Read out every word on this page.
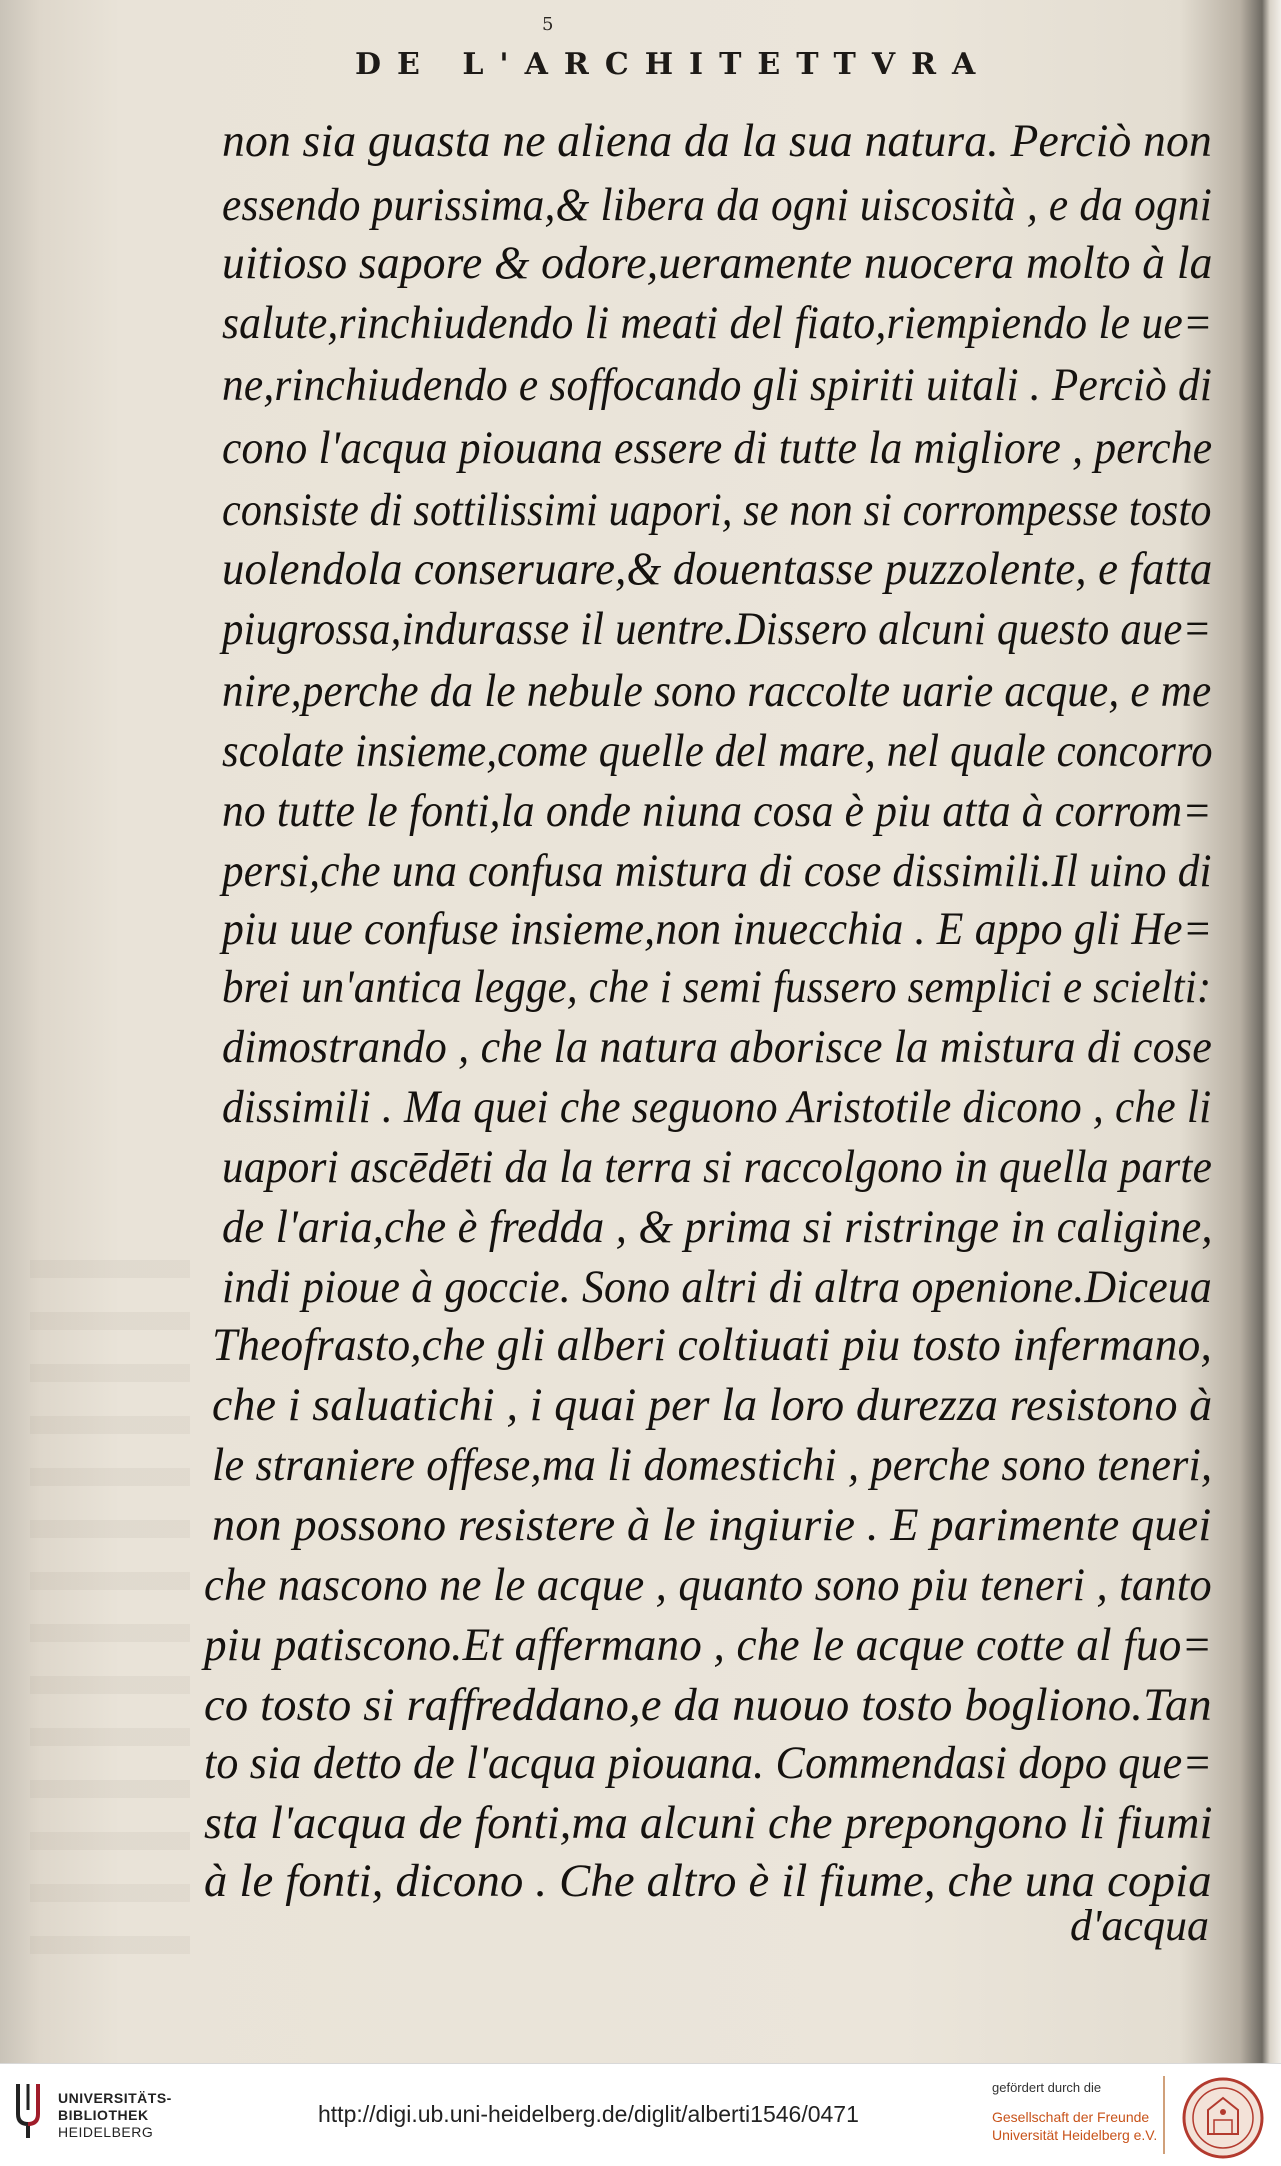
5
DE L'ARCHITETTVRA
non sia guasta ne aliena da la sua natura. Perciò non
essendo purissima,& libera da ogni uiscosità , e da ogni
uitioso sapore & odore,ueramente nuocera molto à la
salute,rinchiudendo li meati del fiato,riempiendo le ue=
ne,rinchiudendo e soffocando gli spiriti uitali . Perciò di
cono l'acqua piouana essere di tutte la migliore , perche
consiste di sottilissimi uapori, se non si corrompesse tosto
uolendola conseruare,& douentasse puzzolente, e fatta
piugrossa,indurasse il uentre.Dissero alcuni questo aue=
nire,perche da le nebule sono raccolte uarie acque, e me
scolate insieme,come quelle del mare, nel quale concorro
no tutte le fonti,la onde niuna cosa è piu atta à corrom=
persi,che una confusa mistura di cose dissimili.Il uino di
piu uue confuse insieme,non inuecchia . E appo gli He=
brei un'antica legge, che i semi fussero semplici e scielti:
dimostrando , che la natura aborisce la mistura di cose
dissimili . Ma quei che seguono Aristotile dicono , che li
uapori ascēdēti da la terra si raccolgono in quella parte
de l'aria,che è fredda , & prima si ristringe in caligine,
indi pioue à goccie. Sono altri di altra openione.Diceua
Theofrasto,che gli alberi coltiuati piu tosto infermano,
che i saluatichi , i quai per la loro durezza resistono à
le straniere offese,ma li domestichi , perche sono teneri,
non possono resistere à le ingiurie . E parimente quei
che nascono ne le acque , quanto sono piu teneri , tanto
piu patiscono.Et affermano , che le acque cotte al fuo=
co tosto si raffreddano,e da nuouo tosto bogliono.Tan
to sia detto de l'acqua piouana. Commendasi dopo que=
sta l'acqua de fonti,ma alcuni che prepongono li fiumi
à le fonti, dicono . Che altro è il fiume, che una copia
d'acqua
UNIVERSITÄTS-
BIBLIOTHEK
HEIDELBERG
http://digi.ub.uni-heidelberg.de/diglit/alberti1546/0471
gefördert durch die
Gesellschaft der Freunde
Universität Heidelberg e.V.
